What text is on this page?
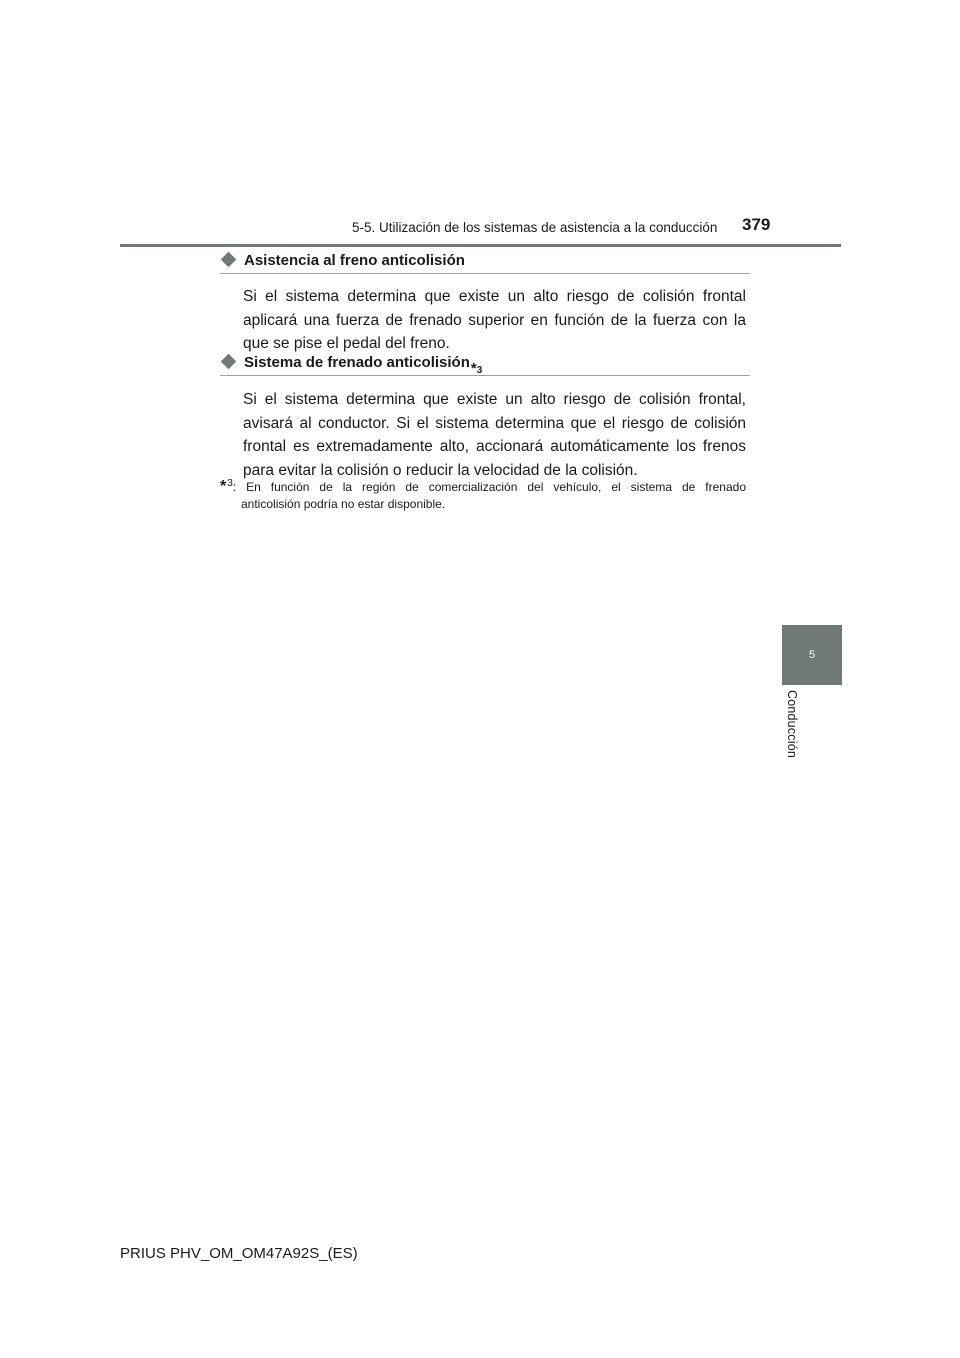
5-5. Utilización de los sistemas de asistencia a la conducción 379
Asistencia al freno anticolisión
Si el sistema determina que existe un alto riesgo de colisión frontal aplicará una fuerza de frenado superior en función de la fuerza con la que se pise el pedal del freno.
Sistema de frenado anticolisión *3
Si el sistema determina que existe un alto riesgo de colisión frontal, avisará al conductor. Si el sistema determina que el riesgo de colisión frontal es extremadamente alto, accionará automáticamente los frenos para evitar la colisión o reducir la velocidad de la colisión.
*$^3$: En función de la región de comercialización del vehículo, el sistema de frenado
anticolisión podría no estar disponible.
5
Conducción
PRIUS PHV_OM_OM47A92S_(ES)
